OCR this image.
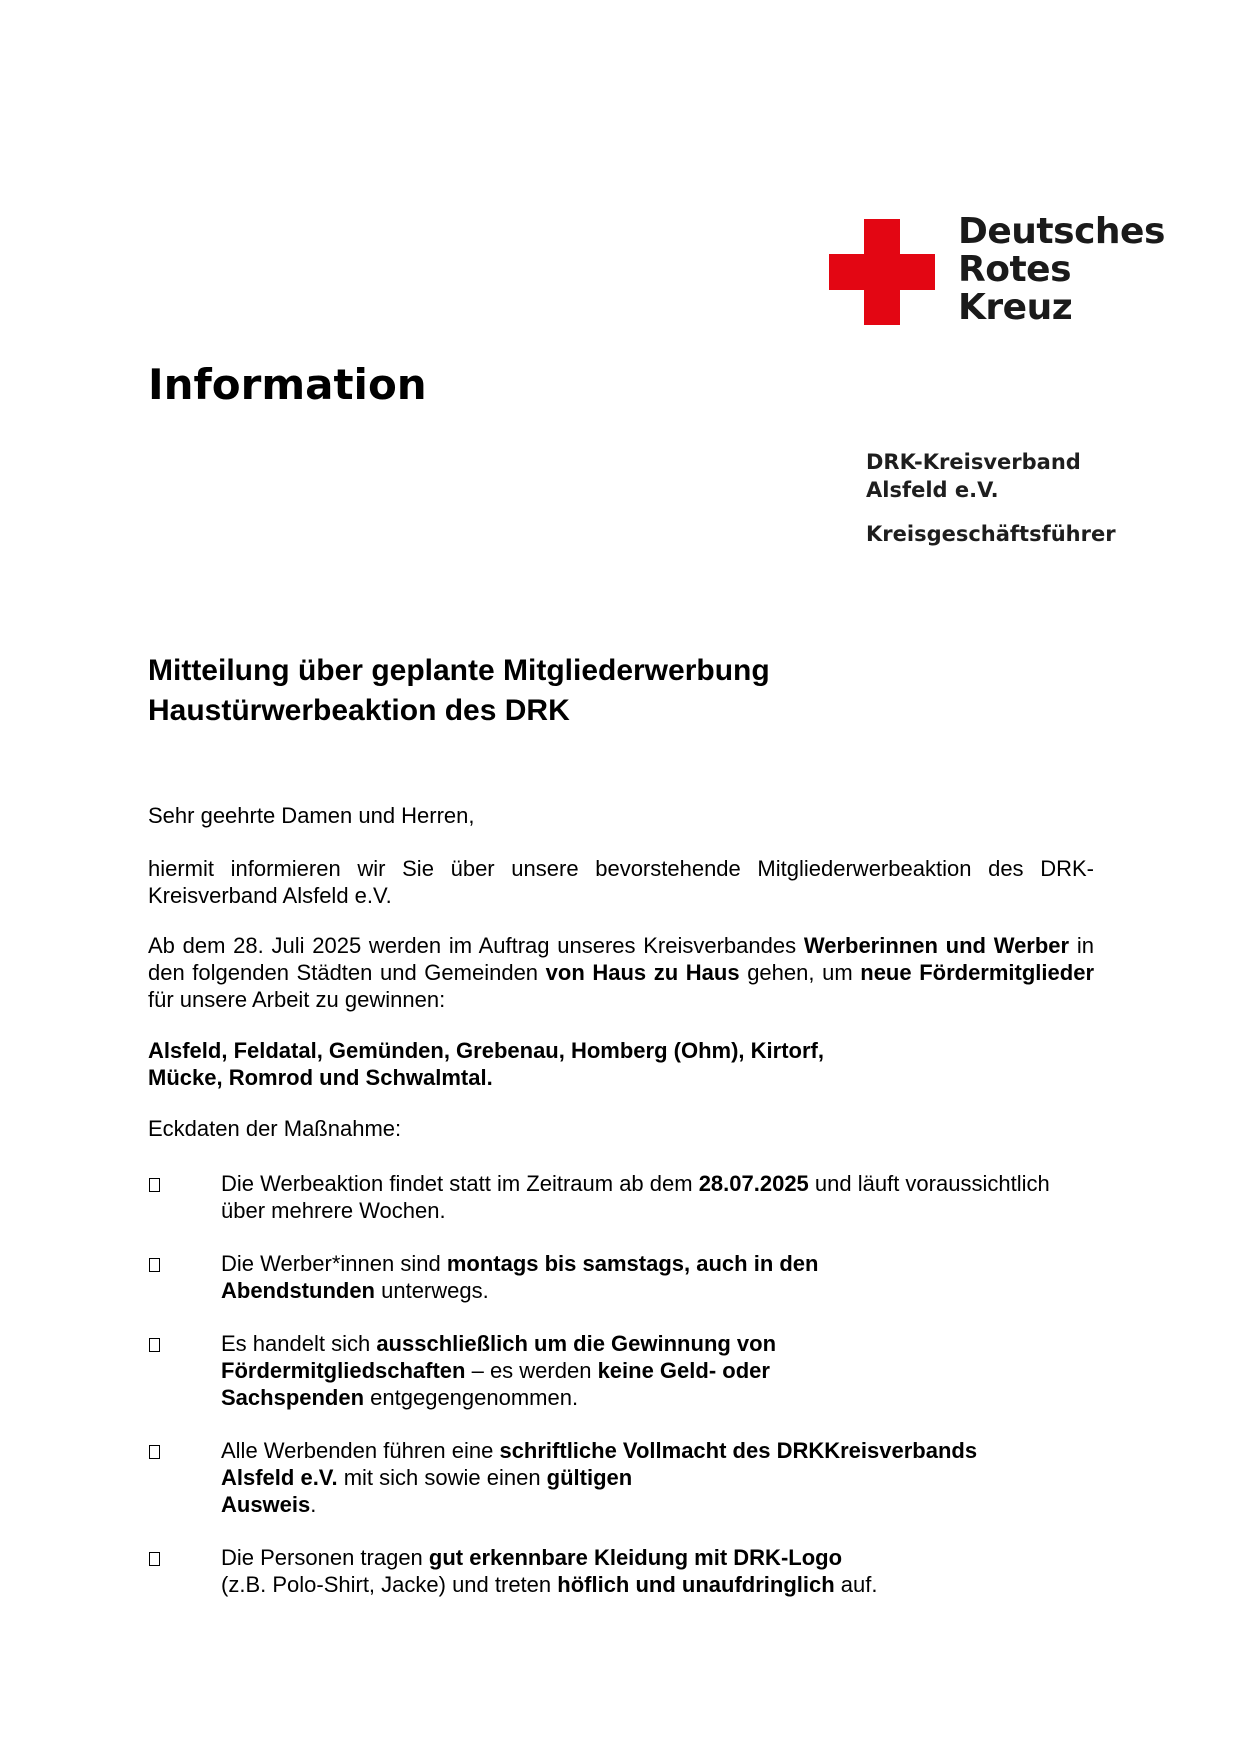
Deutsches
Rotes
Kreuz
Information
DRK-Kreisverband
Alsfeld e.V.
Kreisgeschäftsführer
Mitteilung über geplante Mitgliederwerbung
Haustürwerbeaktion des DRK
Sehr geehrte Damen und Herren,
hiermit informieren wir Sie über unsere bevorstehende Mitgliederwerbeaktion des DRK-Kreisverband Alsfeld e.V.
Ab dem 28. Juli 2025 werden im Auftrag unseres Kreisverbandes Werberinnen und Werber in den folgenden Städten und Gemeinden von Haus zu Haus gehen, um neue Fördermitglieder für unsere Arbeit zu gewinnen:
Alsfeld, Feldatal, Gemünden, Grebenau, Homberg (Ohm), Kirtorf,
Mücke, Romrod und Schwalmtal.
Eckdaten der Maßnahme:
Die Werbeaktion findet statt im Zeitraum ab dem 28.07.2025 und läuft voraussichtlich über mehrere Wochen.
Die Werber*innen sind montags bis samstags, auch in den
Abendstunden unterwegs.
Es handelt sich ausschließlich um die Gewinnung von
Fördermitgliedschaften – es werden keine Geld- oder
Sachspenden entgegengenommen.
Alle Werbenden führen eine schriftliche Vollmacht des DRKKreisverbands
Alsfeld e.V. mit sich sowie einen gültigen
Ausweis.
Die Personen tragen gut erkennbare Kleidung mit DRK-Logo
(z.B. Polo-Shirt, Jacke) und treten höflich und unaufdringlich auf.
